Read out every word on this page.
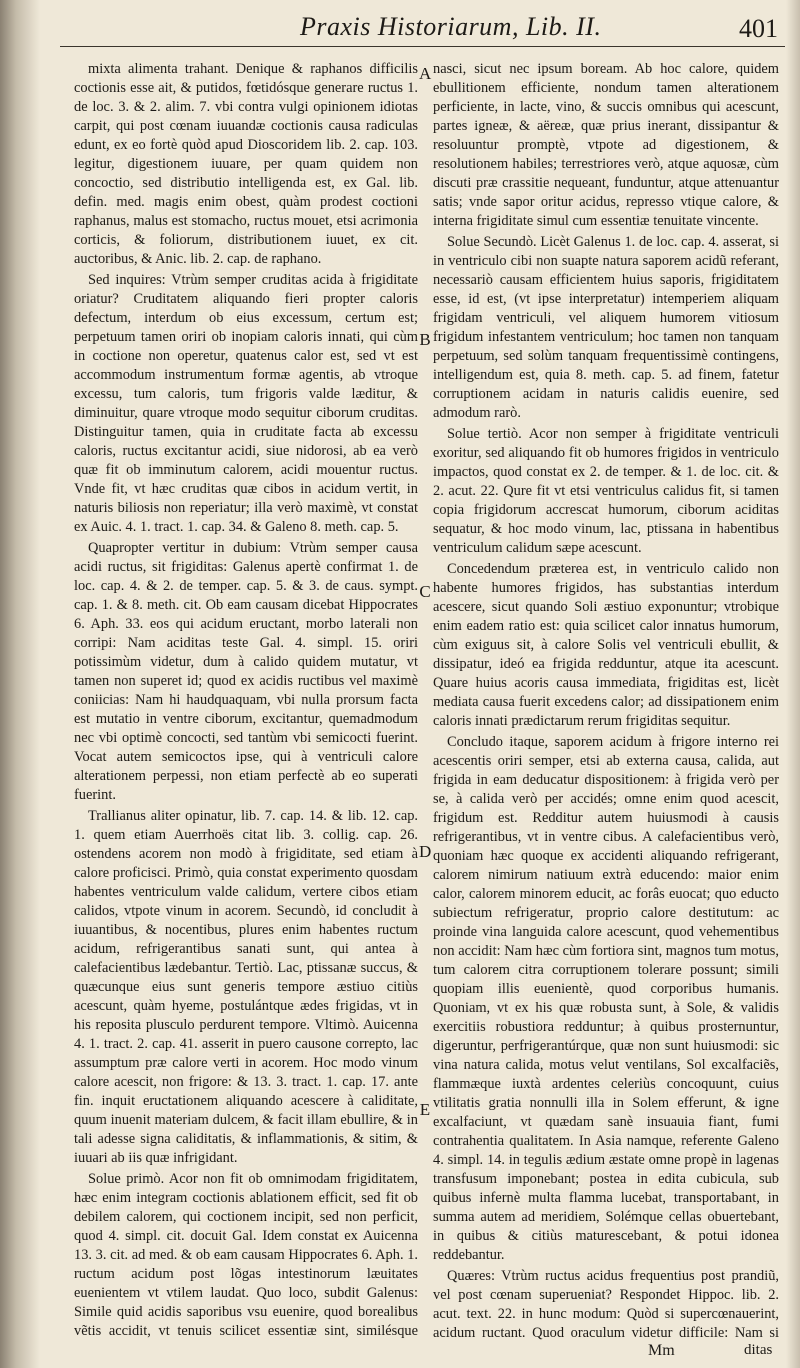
Praxis Historiarum, Lib. II.	401

mixta alimenta trahant. Denique & raphanos difficilis coctionis esse ait, & putidos, fœtidósque generare ructus 1. de loc. 3. & 2. alim. 7. vbi contra vulgi opinionem idiotas carpit, qui post cœnam iuuandæ coctionis causa radiculas edunt, ex eo fortè quòd apud Dioscoridem lib. 2. cap. 103. legitur, digestionem iuuare, per quam quidem non concoctio, sed distributio intelligenda est, ex Gal. lib. defin. med. magis enim obest, quàm prodest coctioni raphanus, malus est stomacho, ructus mouet, etsi acrimonia corticis, & foliorum, distributionem iuuet, ex cit. auctoribus, & Anic. lib. 2. cap. de raphano.

Sed inquires: Vtrùm semper cruditas acida à frigiditate oriatur? Cruditatem aliquando fieri propter caloris defectum, interdum ob eius excessum, certum est; perpetuum tamen oriri ob inopiam caloris innati, qui cùm in coctione non operetur, quatenus calor est, sed vt est accommodum instrumentum formæ agentis, ab vtroque excessu, tum caloris, tum frigoris valde læditur, & diminuitur, quare vtroque modo sequitur ciborum cruditas. Distinguitur tamen, quia in cruditate facta ab excessu caloris, ructus excitantur acidi, siue nidorosi, ab ea verò quæ fit ob imminutum calorem, acidi mouentur ructus. Vnde fit, vt hæc cruditas quæ cibos in acidum vertit, in naturis biliosis non reperiatur; illa verò maximè, vt constat ex Auic. 4. 1. tract. 1. cap. 34. & Galeno 8. meth. cap. 5.

Quapropter vertitur in dubium: Vtrùm semper causa acidi ructus, sit frigiditas: Galenus apertè confirmat 1. de loc. cap. 4. & 2. de temper. cap. 5. & 3. de caus. sympt. cap. 1. & 8. meth. cit. Ob eam causam dicebat Hippocrates 6. Aph. 33. eos qui acidum eructant, morbo laterali non corripi: Nam aciditas teste Gal. 4. simpl. 15. oriri potissimùm videtur, dum à calido quidem mutatur, vt tamen non superet id; quod ex acidis ructibus vel maximè coniicias: Nam hi haudquaquam, vbi nulla prorsum facta est mutatio in ventre ciborum, excitantur, quemadmodum nec vbi optimè concocti, sed tantùm vbi semicocti fuerint. Vocat autem semicoctos ipse, qui à ventriculi calore alterationem perpessi, non etiam perfectè ab eo superati fuerint.

Trallianus aliter opinatur, lib. 7. cap. 14. & lib. 12. cap. 1. quem etiam Auerrhoës citat lib. 3. collig. cap. 26. ostendens acorem non modò à frigiditate, sed etiam à calore proficisci. Primò, quia constat experimento quosdam habentes ventriculum valde calidum, vertere cibos etiam calidos, vtpote vinum in acorem. Secundò, id concludit à iuuantibus, & nocentibus, plures enim habentes ructum acidum, refrigerantibus sanati sunt, qui antea à calefacientibus lædebantur. Tertiò. Lac, ptissanæ succus, & quæcunque eius sunt generis tempore æstiuo citiùs acescunt, quàm hyeme, postulántque ædes frigidas, vt in his reposita plusculo perdurent tempore. Vltimò. Auicenna 4. 1. tract. 2. cap. 41. asserit in puero causone correpto, lac assumptum præ calore verti in acorem. Hoc modo vinum calore acescit, non frigore: & 13. 3. tract. 1. cap. 17. ante fin. inquit eructationem aliquando acescere à caliditate, quum inuenit materiam dulcem, & facit illam ebullire, & in tali adesse signa caliditatis, & inflammationis, & sitim, & iuuari ab iis quæ infrigidant.

Solue primò. Acor non fit ob omnimodam frigiditatem, hæc enim integram coctionis ablationem efficit, sed fit ob debilem calorem, qui coctionem incipit, sed non perficit, quod 4. simpl. cit. docuit Gal. Idem constat ex Auicenna 13. 3. cit. ad med. & ob eam causam Hippocrates 6. Aph. 1. ructum acidum post lõgas intestinorum læuitates euenientem vt vtilem laudat. Quo loco, subdit Galenus: Simile quid acidis saporibus vsu euenire, quod borealibus vẽtis accidit, vt tenuis scilicet essentiæ sint, similésque

A
B
C
D
E

nasci, sicut nec ipsum boream. Ab hoc calore, quidem ebullitionem efficiente, nondum tamen alterationem perficiente, in lacte, vino, & succis omnibus qui acescunt, partes igneæ, & aëreæ, quæ prius inerant, dissipantur & resoluuntur promptè, vtpote ad digestionem, & resolutionem habiles; terrestriores verò, atque aquosæ, cùm discuti præ crassitie nequeant, funduntur, atque attenuantur satis; vnde sapor oritur acidus, represso vtique calore, & interna frigiditate simul cum essentiæ tenuitate vincente.

Solue Secundò. Licèt Galenus 1. de loc. cap. 4. asserat, si in ventriculo cibi non suapte natura saporem acidũ referant, necessariò causam efficientem huius saporis, frigiditatem esse, id est, (vt ipse interpretatur) intemperiem aliquam frigidam ventriculi, vel aliquem humorem vitiosum frigidum infestantem ventriculum; hoc tamen non tanquam perpetuum, sed solùm tanquam frequentissimè contingens, intelligendum est, quia 8. meth. cap. 5. ad finem, fatetur corruptionem acidam in naturis calidis euenire, sed admodum rarò.

Solue tertiò. Acor non semper à frigiditate ventriculi exoritur, sed aliquando fit ob humores frigidos in ventriculo impactos, quod constat ex 2. de temper. & 1. de loc. cit. & 2. acut. 22. Qure fit vt etsi ventriculus calidus fit, si tamen copia frigidorum accrescat humorum, ciborum aciditas sequatur, & hoc modo vinum, lac, ptissana in habentibus ventriculum calidum sæpe acescunt.

Concedendum præterea est, in ventriculo calido non habente humores frigidos, has substantias interdum acescere, sicut quando Soli æstiuo exponuntur; vtrobique enim eadem ratio est: quia scilicet calor innatus humorum, cùm exiguus sit, à calore Solis vel ventriculi ebullit, & dissipatur, ideó ea frigida redduntur, atque ita acescunt. Quare huius acoris causa immediata, frigiditas est, licèt mediata causa fuerit excedens calor; ad dissipationem enim caloris innati prædictarum rerum frigiditas sequitur.

Concludo itaque, saporem acidum à frigore interno rei acescentis oriri semper, etsi ab externa causa, calida, aut frigida in eam deducatur dispositionem: à frigida verò per se, à calida verò per accidés; omne enim quod acescit, frigidum est. Redditur autem huiusmodi à causis refrigerantibus, vt in ventre cibus. A calefacientibus verò, quoniam hæc quoque ex accidenti aliquando refrigerant, calorem nimirum natiuum extrà educendo: maior enim calor, calorem minorem educit, ac forâs euocat; quo educto subiectum refrigeratur, proprio calore destitutum: ac proinde vina languida calore acescunt, quod vehementibus non accidit: Nam hæc cùm fortiora sint, magnos tum motus, tum calorem citra corruptionem tolerare possunt; simili quopiam illis euenientè, quod corporibus humanis. Quoniam, vt ex his quæ robusta sunt, à Sole, & validis exercitiis robustiora redduntur; à quibus prosternuntur, digeruntur, perfrigerantúrque, quæ non sunt huiusmodi: sic vina natura calida, motus velut ventilans, Sol excalfaciẽs, flammæque iuxtà ardentes celeriùs concoquunt, cuius vtilitatis gratia nonnulli illa in Solem efferunt, & igne excalfaciunt, vt quædam sanè insuauia fiant, fumi contrahentia qualitatem. In Asia namque, referente Galeno 4. simpl. 14. in tegulis ædium æstate omne propè in lagenas transfusum imponebant; postea in edita cubicula, sub quibus infernè multa flamma lucebat, transportabant, in summa autem ad meridiem, Solémque cellas obuertebant, in quibus & citiùs maturescebant, & potui idonea reddebantur.

Quæres: Vtrùm ructus acidus frequentius post prandiũ, vel post cœnam superueniat? Respondet Hippoc. lib. 2. acut. text. 22. in hunc modum: Quòd si supercœnauerint, acidum ructant. Quod oraculum videtur difficile: Nam si

Mm	ditas
